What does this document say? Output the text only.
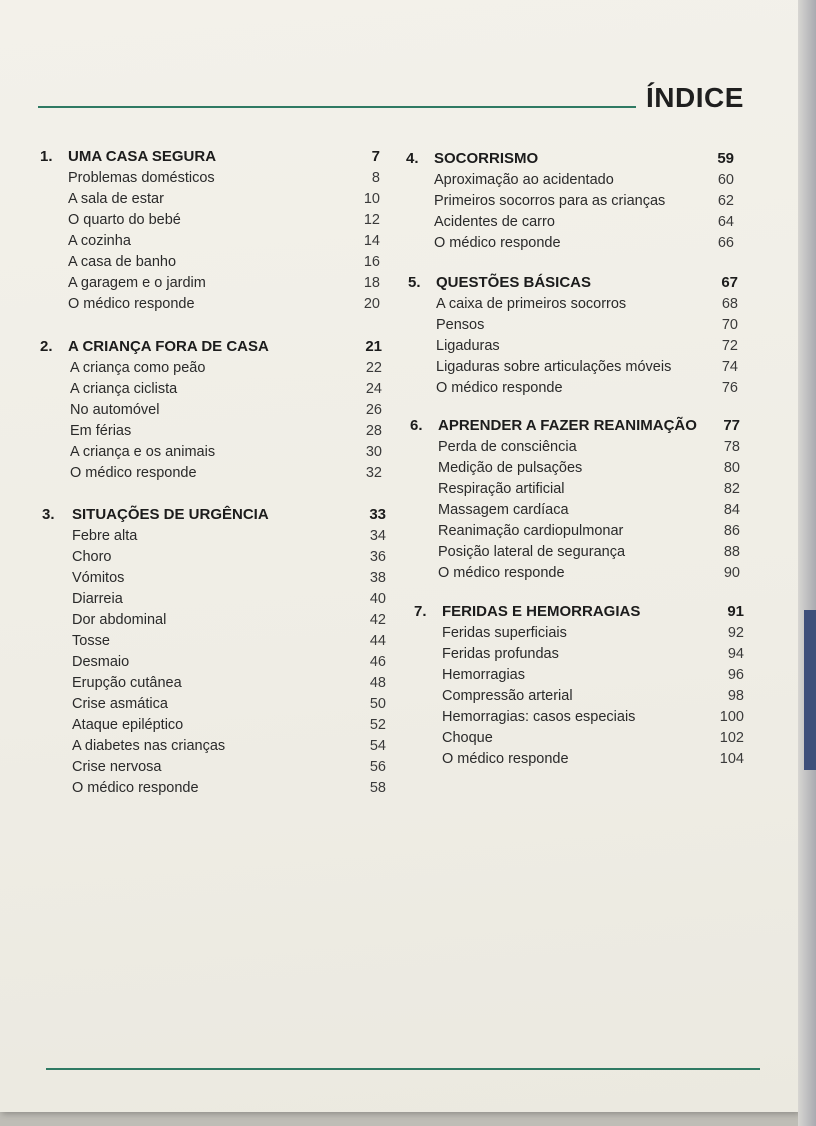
ÍNDICE
1. UMA CASA SEGURA	7
Problemas domésticos	8
A sala de estar	10
O quarto do bebé	12
A cozinha	14
A casa de banho	16
A garagem e o jardim	18
O médico responde	20
2. A CRIANÇA FORA DE CASA	21
A criança como peão	22
A criança ciclista	24
No automóvel	26
Em férias	28
A criança e os animais	30
O médico responde	32
3. SITUAÇÕES DE URGÊNCIA	33
Febre alta	34
Choro	36
Vómitos	38
Diarreia	40
Dor abdominal	42
Tosse	44
Desmaio	46
Erupção cutânea	48
Crise asmática	50
Ataque epiléptico	52
A diabetes nas crianças	54
Crise nervosa	56
O médico responde	58
4. SOCORRISMO	59
Aproximação ao acidentado	60
Primeiros socorros para as crianças	62
Acidentes de carro	64
O médico responde	66
5. QUESTÕES BÁSICAS	67
A caixa de primeiros socorros	68
Pensos	70
Ligaduras	72
Ligaduras sobre articulações móveis	74
O médico responde	76
6. APRENDER A FAZER REANIMAÇÃO 77
Perda de consciência	78
Medição de pulsações	80
Respiração artificial	82
Massagem cardíaca	84
Reanimação cardiopulmonar	86
Posição lateral de segurança	88
O médico responde	90
7. FERIDAS E HEMORRAGIAS	91
Feridas superficiais	92
Feridas profundas	94
Hemorragias	96
Compressão arterial	98
Hemorragias: casos especiais	100
Choque	102
O médico responde	104
